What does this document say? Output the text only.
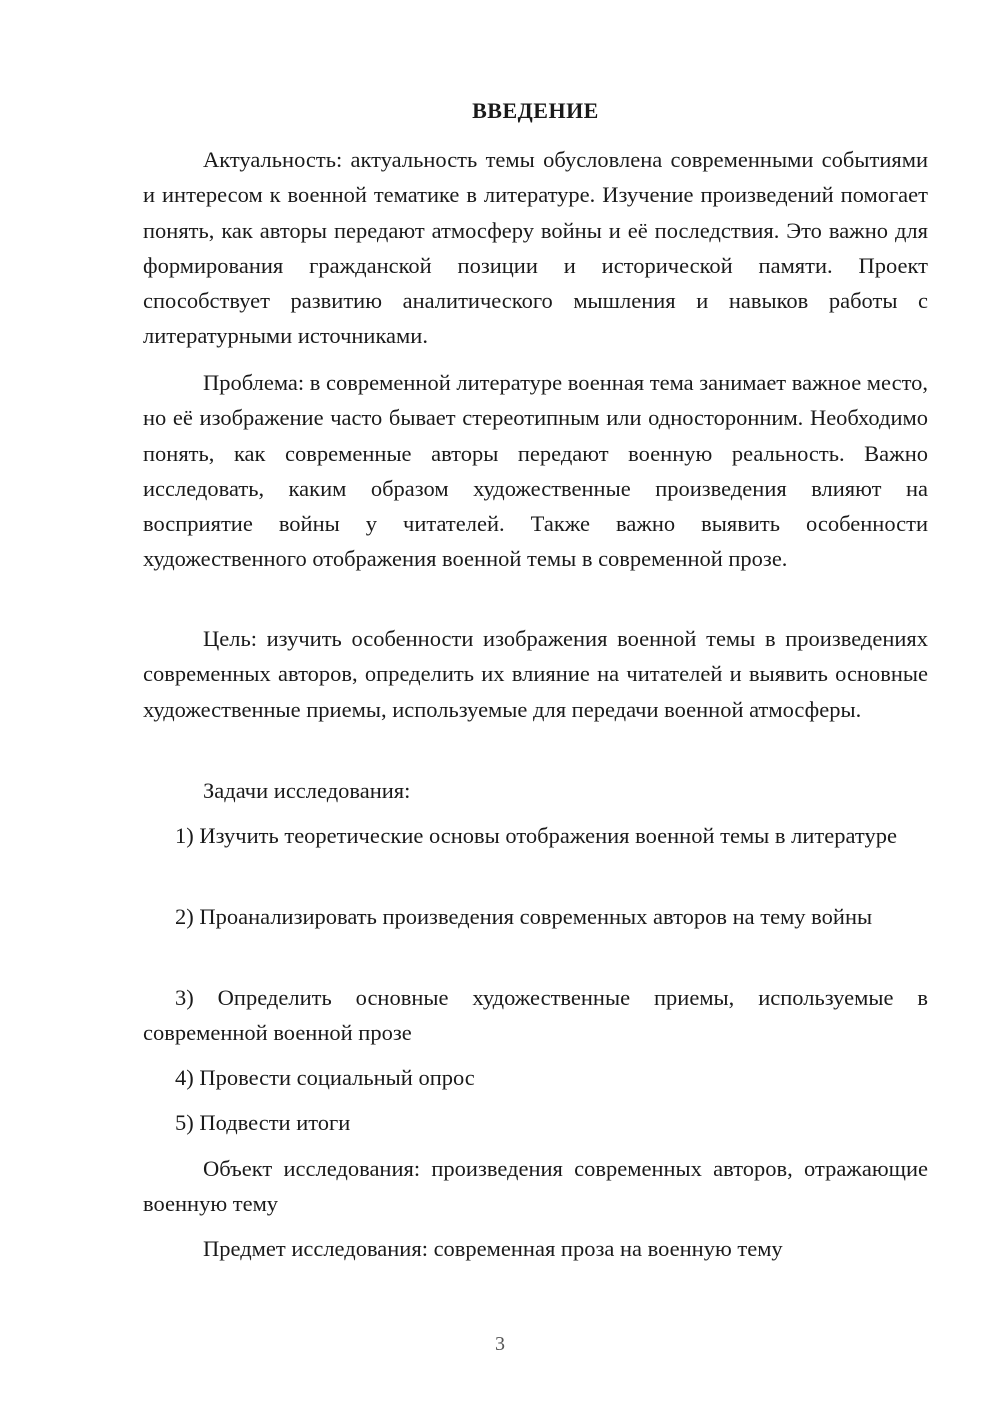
ВВЕДЕНИЕ
Актуальность: актуальность темы обусловлена современными событиями и интересом к военной тематике в литературе. Изучение произведений помогает понять, как авторы передают атмосферу войны и её последствия. Это важно для формирования гражданской позиции и исторической памяти. Проект способствует развитию аналитического мышления и навыков работы с литературными источниками.
Проблема: в современной литературе военная тема занимает важное место, но её изображение часто бывает стереотипным или односторонним. Необходимо понять, как современные авторы передают военную реальность. Важно исследовать, каким образом художественные произведения влияют на восприятие войны у читателей. Также важно выявить особенности художественного отображения военной темы в современной прозе.
Цель: изучить особенности изображения военной темы в произведениях современных авторов, определить их влияние на читателей и выявить основные художественные приемы, используемые для передачи военной атмосферы.
Задачи исследования:
1) Изучить теоретические основы отображения военной темы в литературе
2) Проанализировать произведения современных авторов на тему войны
3) Определить основные художественные приемы, используемые в современной военной прозе
4) Провести социальный опрос
5) Подвести итоги
Объект исследования: произведения современных авторов, отражающие военную тему
Предмет исследования: современная проза на военную тему
3
